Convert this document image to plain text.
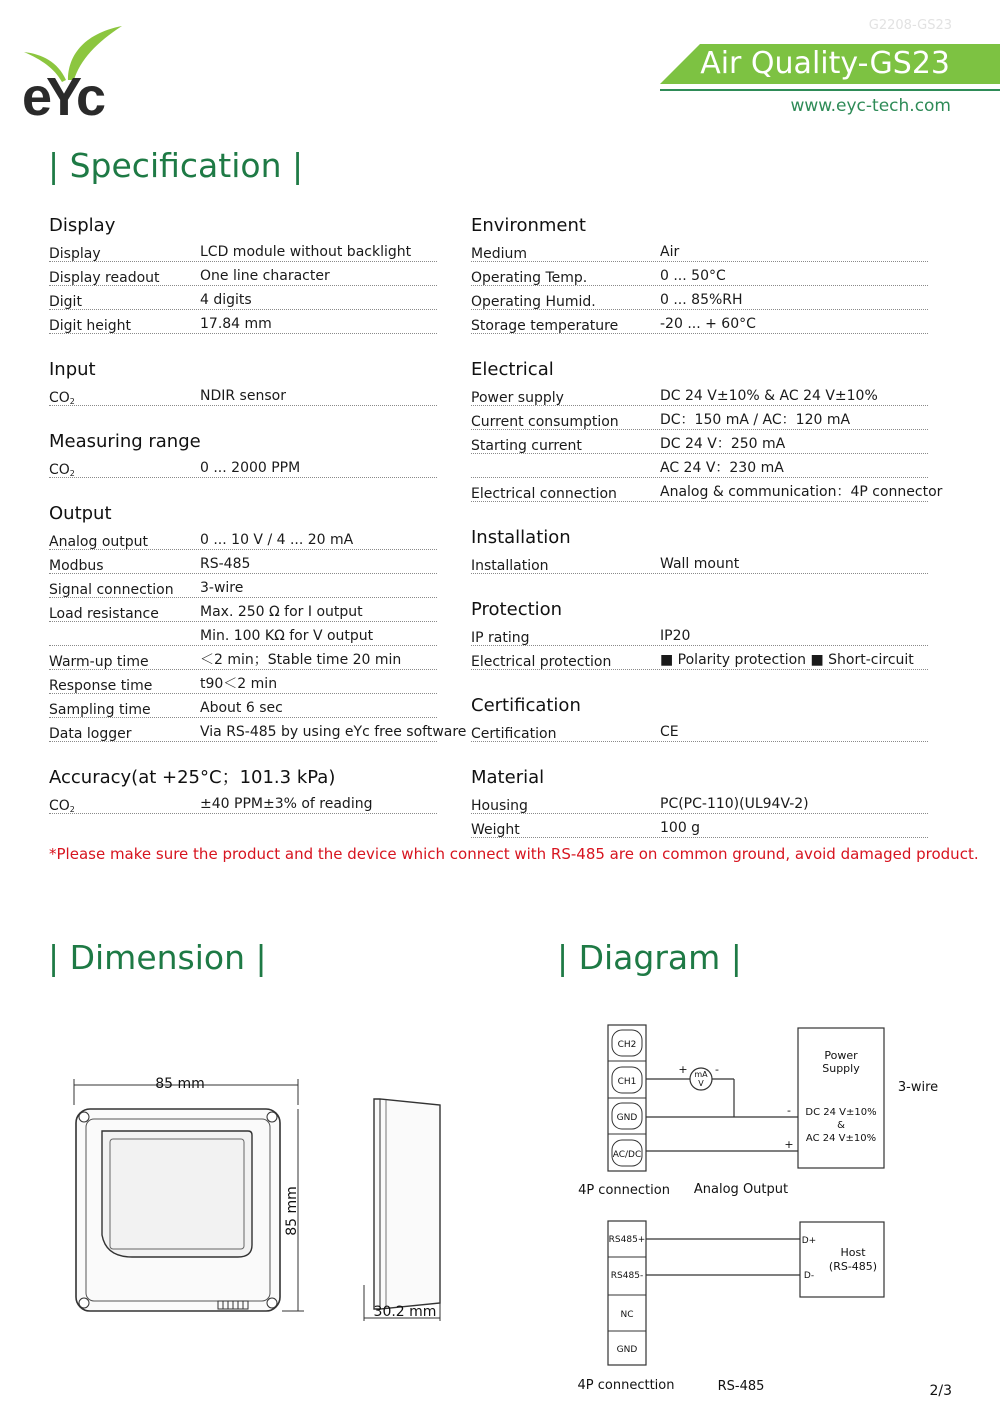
eYc
G2208-GS23
Air Quality-GS23
www.eyc-tech.com
| Specification |
Display
Display	LCD module without backlight
Display readout	One line character
Digit	4 digits
Digit height	17.84 mm
Input
$CO_2$	NDIR sensor
Measuring range
$CO_2$	0 ... 2000 PPM
Output
Analog output	0 ... 10 V / 4 ... 20 mA
Modbus	RS-485
Signal connection 3-wire
Load resistance	Max. 250 Ω for I output
Min. 100 KΩ for V output
Warm-up time	＜2 min；Stable time 20 min
Response time	t90＜2 min
Sampling time	About 6 sec
Data logger	Via RS-485 by using eYc free software
Accuracy(at +25°C；101.3 kPa)
$CO_2$	±40 PPM±3% of reading
Environment
Medium	Air
Operating Temp.	0 ... 50°C
Operating Humid.	0 ... 85%RH
Storage temperature	-20 ... + 60°C
Electrical
Power supply	DC 24 V±10% & AC 24 V±10%
Current consumption	DC：150 mA / AC：120 mA
Starting current	DC 24 V：250 mA
AC 24 V：230 mA
Electrical connection	Analog & communication：4P connector
Installation
Installation	Wall mount
Protection
IP rating	IP20
Electrical protection	■ Polarity protection ■ Short-circuit
Certification
Certification	CE
Material
Housing	PC(PC-110)(UL94V-2)
Weight	100 g
*Please make sure the product and the device which connect with RS-485 are on common ground, avoid damaged product.
| Dimension |	| Diagram |
85 mm
85 mm
30.2 mm
CH2
CH1
GND
AC/DC
mA
V
+ -
Power
Supply
-
+
DC 24 V±10%
&
AC 24 V±10%
3-wire
4P connection Analog Output
RS485+
RS485-
NC
GND
D+
D-
Host
(RS-485)
4P connecttion	RS-485	2/3
